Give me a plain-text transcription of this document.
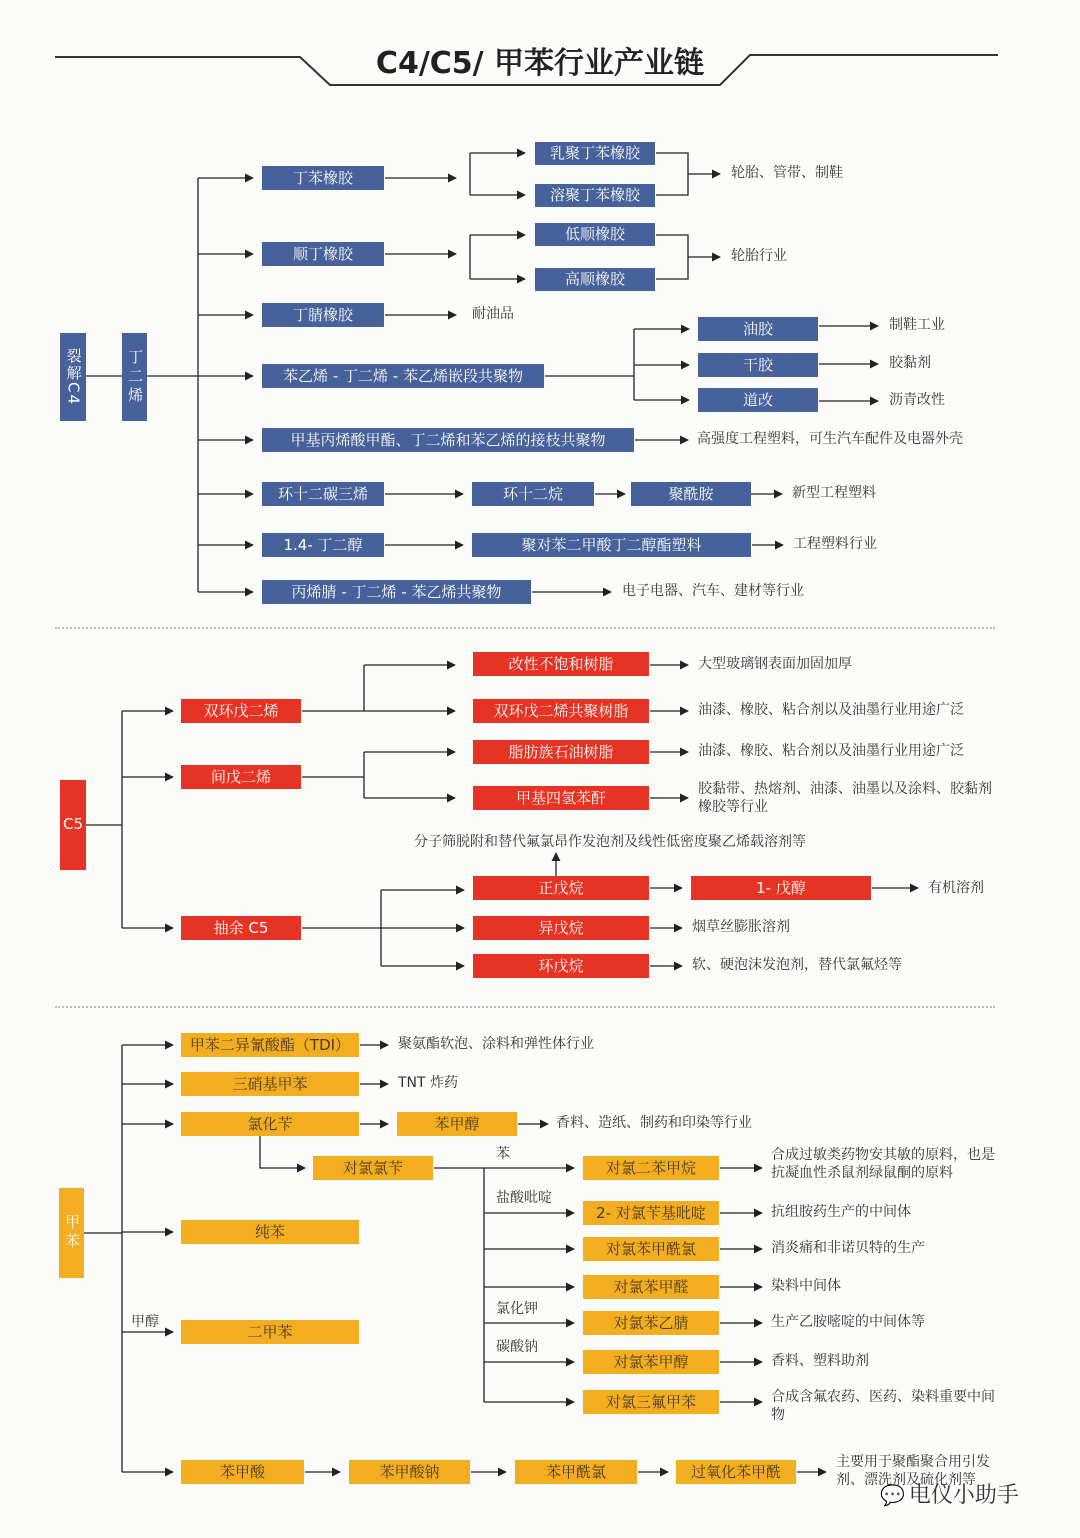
C4/C5/ 甲苯行业产业链
裂解C4	丁二烯
丁苯橡胶
乳聚丁苯橡胶
溶聚丁苯橡胶
轮胎、管带、制鞋
顺丁橡胶
低顺橡胶
高顺橡胶
轮胎行业
丁腈橡胶	耐油品
苯乙烯 - 丁二烯 - 苯乙烯嵌段共聚物
油胶
干胶
道改
制鞋工业
胶黏剂
沥青改性
甲基丙烯酸甲酯、丁二烯和苯乙烯的接枝共聚物	高强度工程塑料，可生汽车配件及电器外壳
环十二碳三烯	环十二烷	聚酰胺	新型工程塑料
1.4- 丁二醇	聚对苯二甲酸丁二醇酯塑料	工程塑料行业
丙烯腈 - 丁二烯 - 苯乙烯共聚物	电子电器、汽车、建材等行业
C5
双环戊二烯
改性不饱和树脂	大型玻璃钢表面加固加厚
双环戊二烯共聚树脂	油漆、橡胶、粘合剂以及油墨行业用途广泛
间戊二烯
脂肪族石油树脂	油漆、橡胶、粘合剂以及油墨行业用途广泛
甲基四氢苯酐	胶黏带、热熔剂、油漆、油墨以及涂料、胶黏剂橡胶等行业
分子筛脱附和替代氟氯昂作发泡剂及线性低密度聚乙烯载溶剂等
抽余 C5
正戊烷	1- 戊醇	有机溶剂
异戊烷	烟草丝膨胀溶剂
环戊烷	软、硬泡沫发泡剂，替代氯氟烃等
甲苯
甲苯二异氰酸酯（TDI）	聚氨酯软泡、涂料和弹性体行业
三硝基甲苯	TNT 炸药
氯化苄	苯甲醇	香料、造纸、制药和印染等行业
对氯氯苄
苯
对氯二苯甲烷
合成过敏类药物安其敏的原料，也是抗凝血性杀鼠剂绿鼠酮的原料
盐酸吡啶
2- 对氯苄基吡啶	抗组胺药生产的中间体
对氯苯甲酰氯	消炎痛和非诺贝特的生产
纯苯
对氯苯甲醛	染料中间体
氯化钾
对氯苯乙腈	生产乙胺嘧啶的中间体等
甲醇
二甲苯
碳酸钠
对氯苯甲醇	香料、塑料助剂
对氯三氟甲苯	合成含氟农药、医药、染料重要中间物
苯甲酸	苯甲酸钠	苯甲酰氯	过氧化苯甲酰
主要用于聚酯聚合用引发剂、漂洗剂及硫化剂等
💬 电仪小助手
